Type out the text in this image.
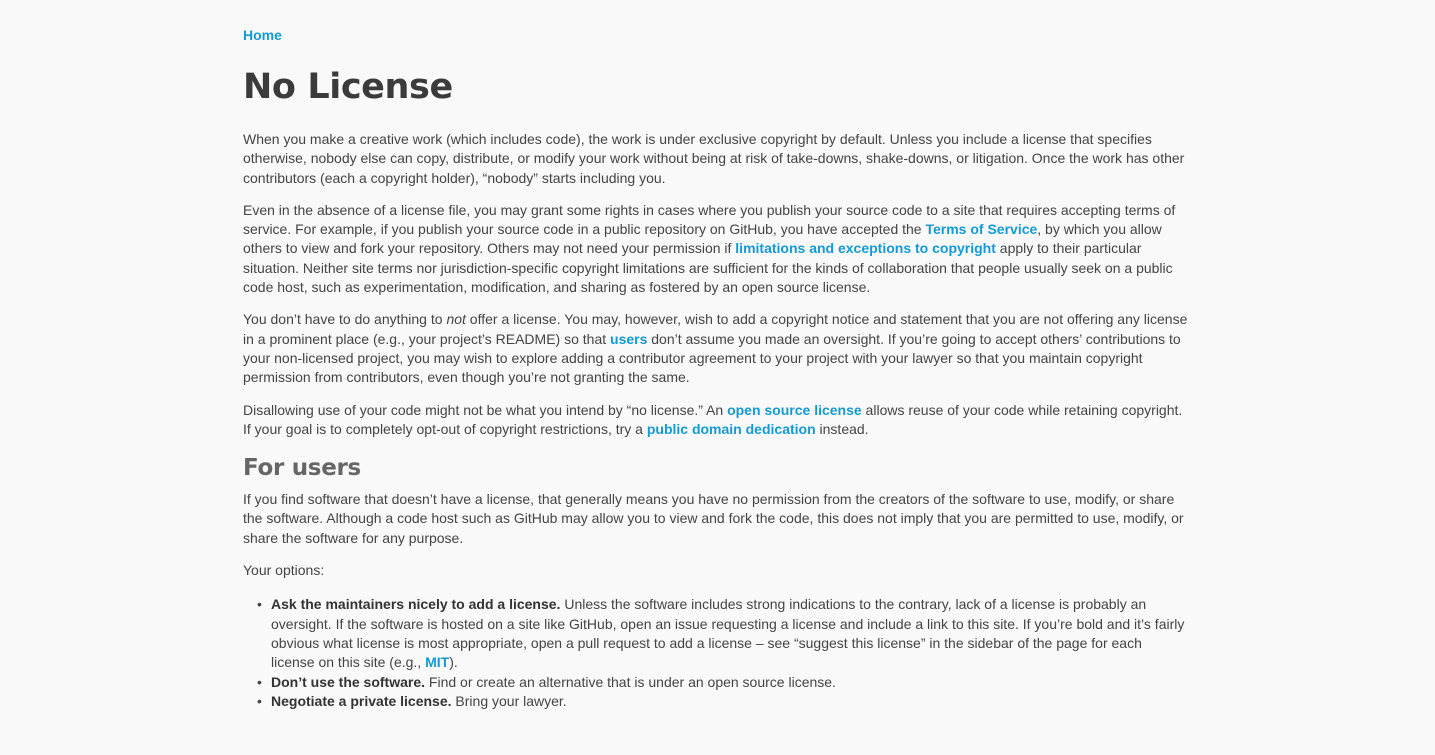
Home
No License

When you make a creative work (which includes code), the work is under exclusive copyright by default. Unless you include a license that specifies otherwise, nobody else can copy, distribute, or modify your work without being at risk of take-downs, shake-downs, or litigation. Once the work has other contributors (each a copyright holder), “nobody” starts including you.

Even in the absence of a license file, you may grant some rights in cases where you publish your source code to a site that requires accepting terms of service. For example, if you publish your source code in a public repository on GitHub, you have accepted the Terms of Service, by which you allow others to view and fork your repository. Others may not need your permission if limitations and exceptions to copyright apply to their particular situation. Neither site terms nor jurisdiction-specific copyright limitations are sufficient for the kinds of collaboration that people usually seek on a public code host, such as experimentation, modification, and sharing as fostered by an open source license.

You don’t have to do anything to not offer a license. You may, however, wish to add a copyright notice and statement that you are not offering any license in a prominent place (e.g., your project’s README) so that users don’t assume you made an oversight. If you’re going to accept others’ contributions to your non-licensed project, you may wish to explore adding a contributor agreement to your project with your lawyer so that you maintain copyright permission from contributors, even though you’re not granting the same.

Disallowing use of your code might not be what you intend by “no license.” An open source license allows reuse of your code while retaining copyright. If your goal is to completely opt-out of copyright restrictions, try a public domain dedication instead.

For users

If you find software that doesn’t have a license, that generally means you have no permission from the creators of the software to use, modify, or share the software. Although a code host such as GitHub may allow you to view and fork the code, this does not imply that you are permitted to use, modify, or share the software for any purpose.

Your options:

• Ask the maintainers nicely to add a license. Unless the software includes strong indications to the contrary, lack of a license is probably an oversight. If the software is hosted on a site like GitHub, open an issue requesting a license and include a link to this site. If you’re bold and it’s fairly obvious what license is most appropriate, open a pull request to add a license – see “suggest this license” in the sidebar of the page for each license on this site (e.g., MIT).
• Don’t use the software. Find or create an alternative that is under an open source license.
• Negotiate a private license. Bring your lawyer.
